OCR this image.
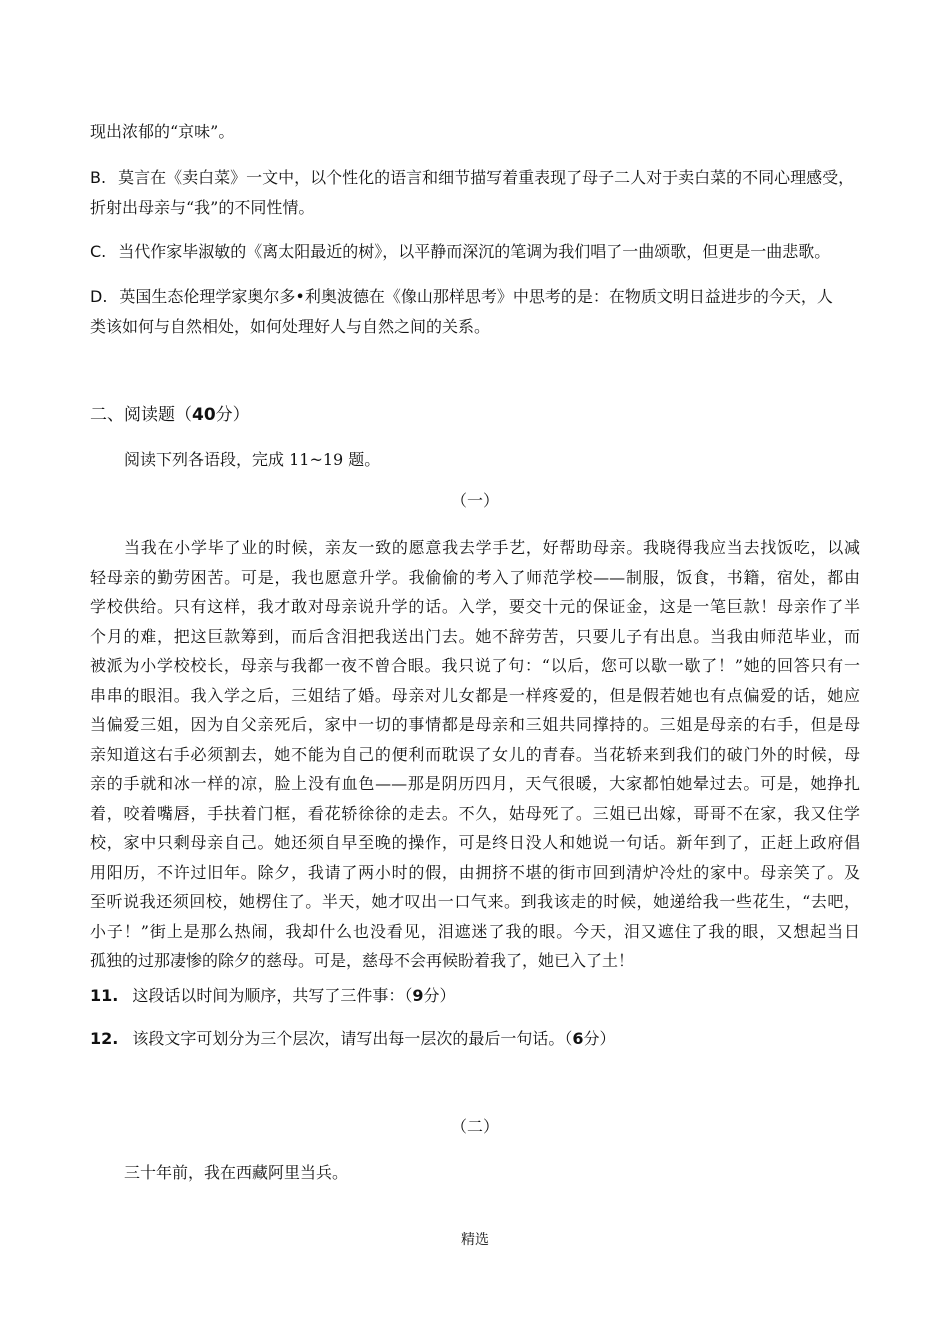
现出浓郁的“京味”。
B. 莫言在《卖白菜》一文中，以个性化的语言和细节描写着重表现了母子二人对于卖白菜的不同心理感受，
折射出母亲与“我”的不同性情。
C. 当代作家毕淑敏的《离太阳最近的树》，以平静而深沉的笔调为我们唱了一曲颂歌，但更是一曲悲歌。
D. 英国生态伦理学家奥尔多•利奥波德在《像山那样思考》中思考的是：在物质文明日益进步的今天，人
类该如何与自然相处，如何处理好人与自然之间的关系。
二、阅读题（40分）
阅读下列各语段，完成 11~19 题。
（一）
当我在小学毕了业的时候，亲友一致的愿意我去学手艺，好帮助母亲。我晓得我应当去找饭吃，以减
轻母亲的勤劳困苦。可是，我也愿意升学。我偷偷的考入了师范学校——制服，饭食，书籍，宿处，都由
学校供给。只有这样，我才敢对母亲说升学的话。入学，要交十元的保证金，这是一笔巨款！母亲作了半
个月的难，把这巨款筹到，而后含泪把我送出门去。她不辞劳苦，只要儿子有出息。当我由师范毕业，而
被派为小学校校长，母亲与我都一夜不曾合眼。我只说了句：“以后，您可以歇一歇了！”她的回答只有一
串串的眼泪。我入学之后，三姐结了婚。母亲对儿女都是一样疼爱的，但是假若她也有点偏爱的话，她应
当偏爱三姐，因为自父亲死后，家中一切的事情都是母亲和三姐共同撑持的。三姐是母亲的右手，但是母
亲知道这右手必须割去，她不能为自己的便利而耽误了女儿的青春。当花轿来到我们的破门外的时候，母
亲的手就和冰一样的凉，脸上没有血色——那是阴历四月，天气很暖，大家都怕她晕过去。可是，她挣扎
着，咬着嘴唇，手扶着门框，看花轿徐徐的走去。不久，姑母死了。三姐已出嫁，哥哥不在家，我又住学
校，家中只剩母亲自己。她还须自早至晚的操作，可是终日没人和她说一句话。新年到了，正赶上政府倡
用阳历，不许过旧年。除夕，我请了两小时的假，由拥挤不堪的街市回到清炉冷灶的家中。母亲笑了。及
至听说我还须回校，她楞住了。半天，她才叹出一口气来。到我该走的时候，她递给我一些花生，“去吧，
小子！”街上是那么热闹，我却什么也没看见，泪遮迷了我的眼。今天，泪又遮住了我的眼，又想起当日
孤独的过那凄惨的除夕的慈母。可是，慈母不会再候盼着我了，她已入了土！
11. 这段话以时间为顺序，共写了三件事：（9分）
12. 该段文字可划分为三个层次，请写出每一层次的最后一句话。（6分）
（二）
三十年前，我在西藏阿里当兵。
精选
